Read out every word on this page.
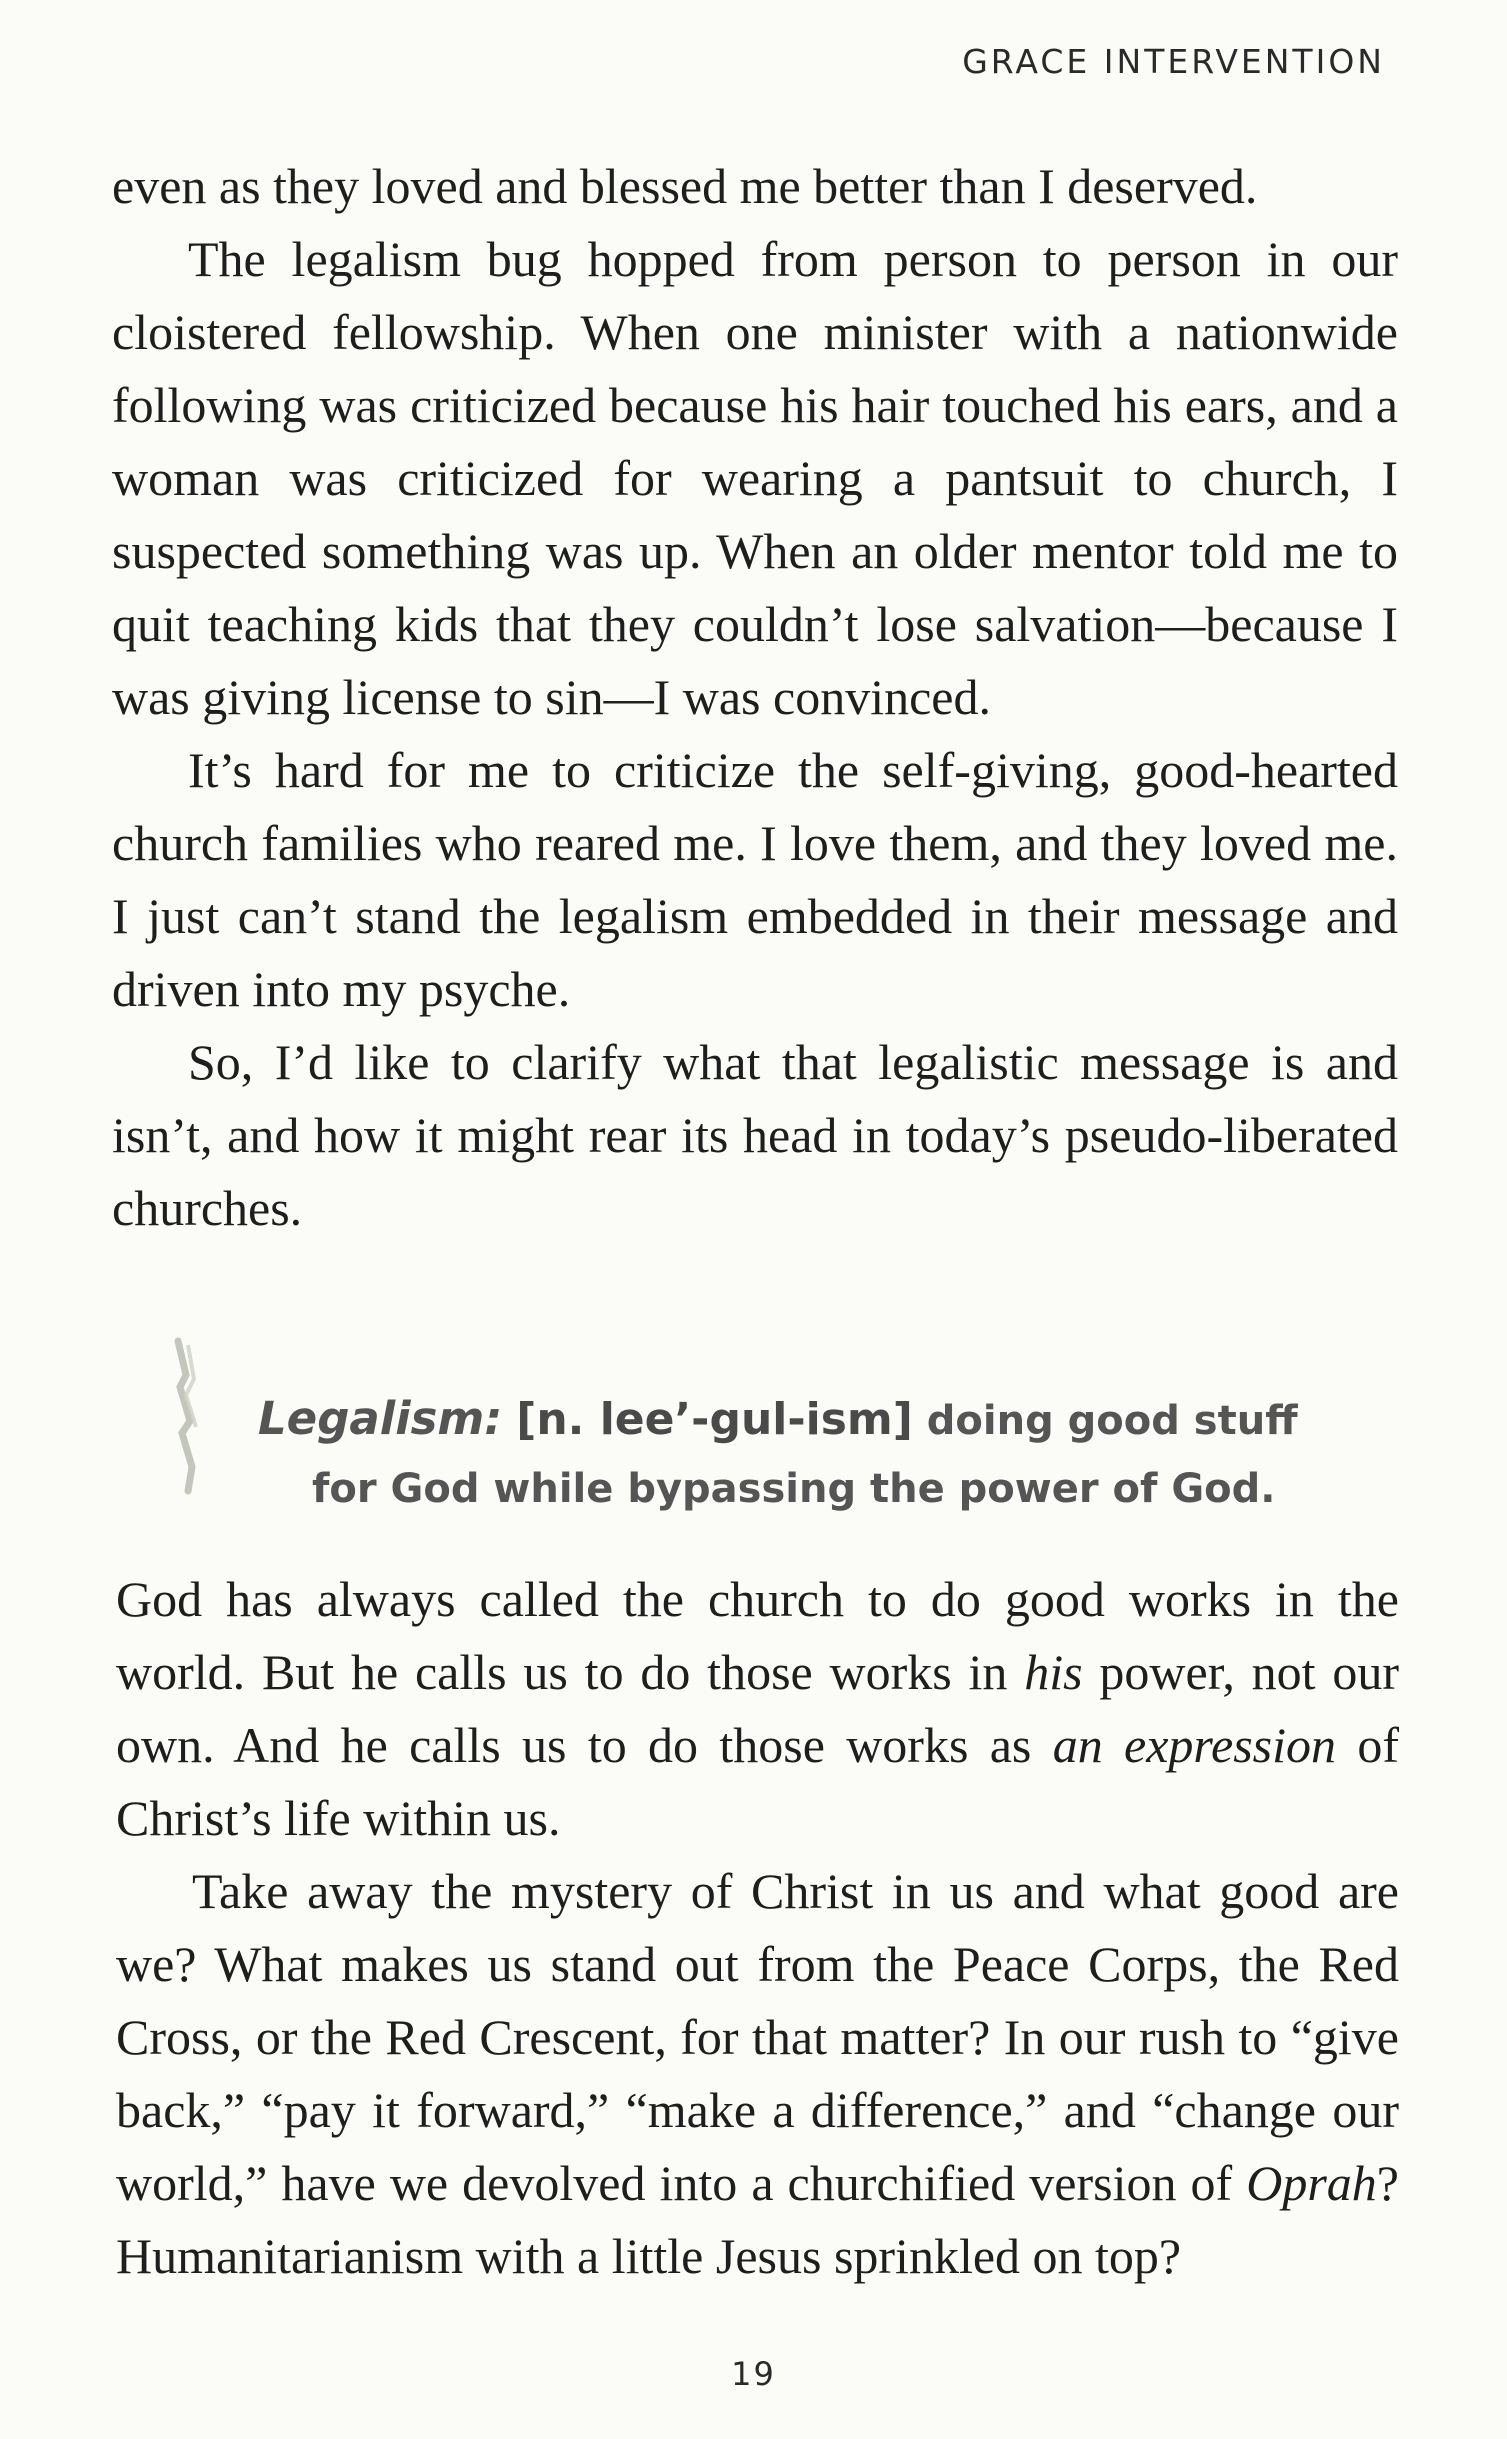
GRACE INTERVENTION

even as they loved and blessed me better than I deserved.

The legalism bug hopped from person to person in our cloistered fellowship. When one minister with a nationwide following was criticized because his hair touched his ears, and a woman was criticized for wearing a pantsuit to church, I suspected something was up. When an older mentor told me to quit teaching kids that they couldn’t lose salvation—because I was giving license to sin—I was convinced.

It’s hard for me to criticize the self-giving, good-hearted church families who reared me. I love them, and they loved me. I just can’t stand the legalism embedded in their message and driven into my psyche.

So, I’d like to clarify what that legalistic message is and isn’t, and how it might rear its head in today’s pseudo-liberated churches.

Legalism: [n. lee’-gul-ism] doing good stuff
for God while bypassing the power of God.

God has always called the church to do good works in the world. But he calls us to do those works in his power, not our own. And he calls us to do those works as an expression of Christ’s life within us.

Take away the mystery of Christ in us and what good are we? What makes us stand out from the Peace Corps, the Red Cross, or the Red Crescent, for that matter? In our rush to “give back,” “pay it forward,” “make a difference,” and “change our world,” have we devolved into a churchified version of Oprah? Humanitarianism with a little Jesus sprinkled on top?

19
